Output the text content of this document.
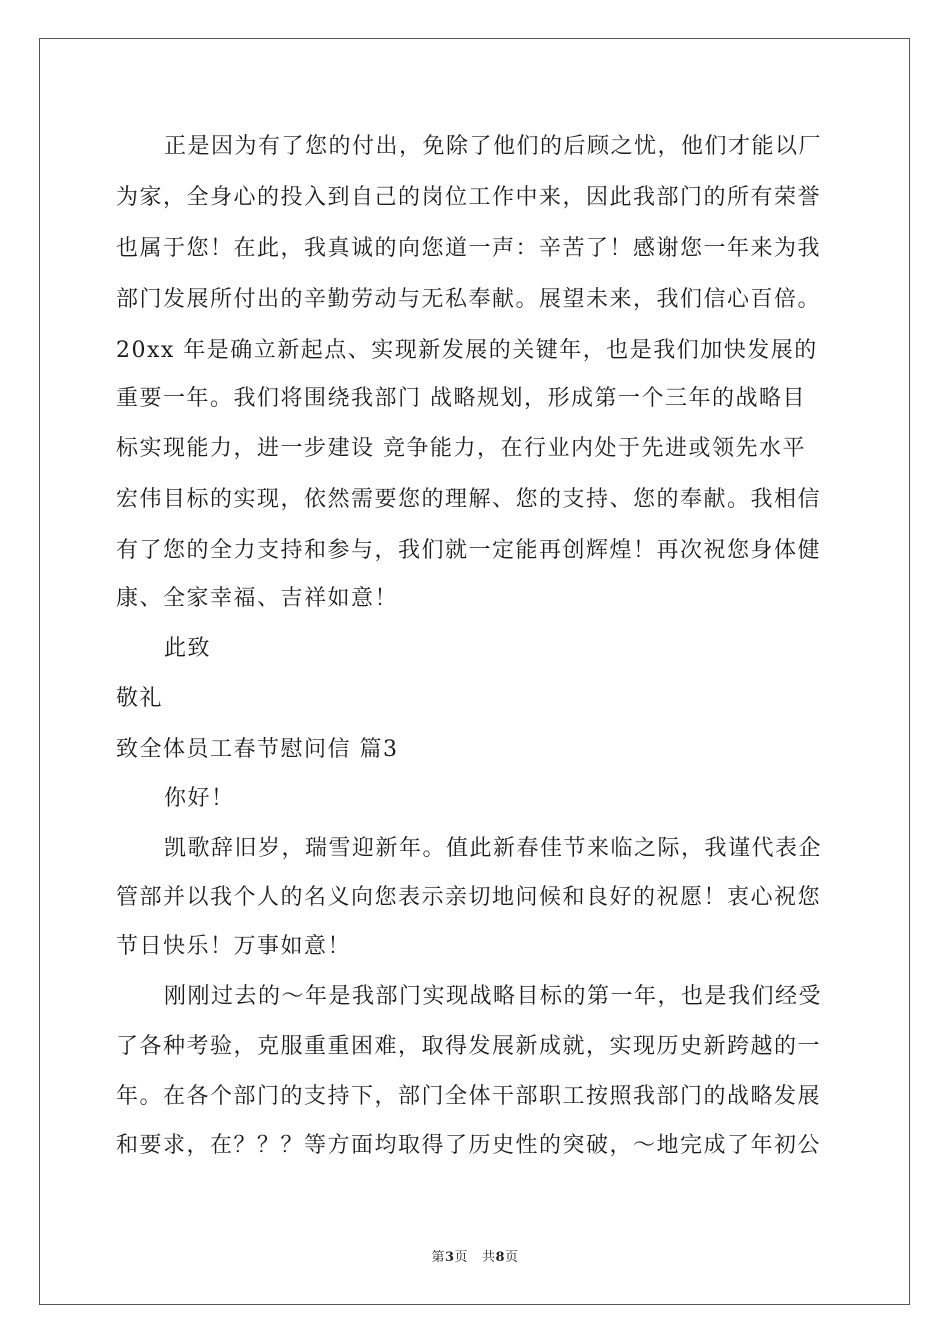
正是因为有了您的付出，免除了他们的后顾之忧，他们才能以厂
为家，全身心的投入到自己的岗位工作中来，因此我部门的所有荣誉
也属于您！在此，我真诚的向您道一声：辛苦了！感谢您一年来为我
部门发展所付出的辛勤劳动与无私奉献。展望未来，我们信心百倍。
20xx 年是确立新起点、实现新发展的关键年，也是我们加快发展的
重要一年。我们将围绕我部门 战略规划，形成第一个三年的战略目
标实现能力，进一步建设 竞争能力，在行业内处于先进或领先水平
宏伟目标的实现，依然需要您的理解、您的支持、您的奉献。我相信
有了您的全力支持和参与，我们就一定能再创辉煌！再次祝您身体健
康、全家幸福、吉祥如意！
此致
敬礼
致全体员工春节慰问信 篇3
你好！
凯歌辞旧岁，瑞雪迎新年。值此新春佳节来临之际，我谨代表企
管部并以我个人的名义向您表示亲切地问候和良好的祝愿！衷心祝您
节日快乐！万事如意！
刚刚过去的～年是我部门实现战略目标的第一年，也是我们经受
了各种考验，克服重重困难，取得发展新成就，实现历史新跨越的一
年。在各个部门的支持下，部门全体干部职工按照我部门的战略发展
和要求，在？？？等方面均取得了历史性的突破，～地完成了年初公
第3页 共8页
